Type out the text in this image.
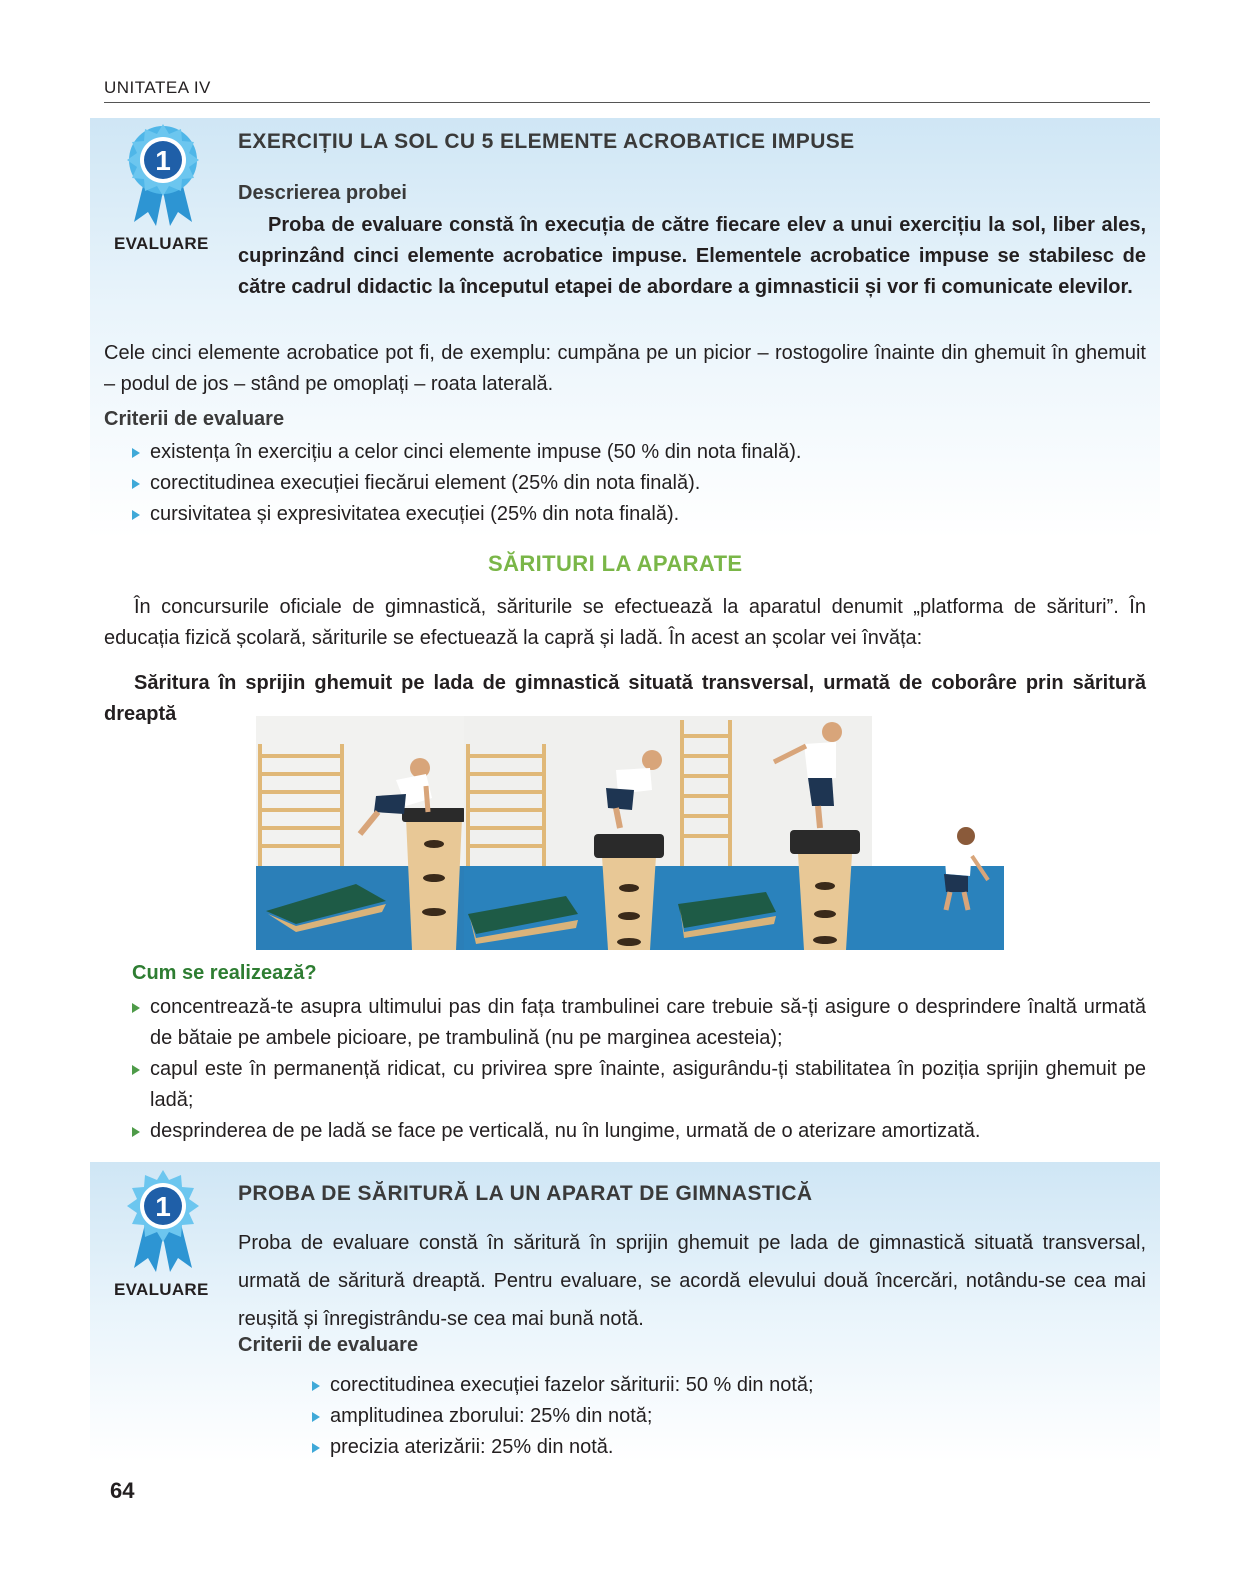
UNITATEA IV
1
EVALUARE
EXERCIȚIU LA SOL CU 5 ELEMENTE ACROBATICE IMPUSE
Descrierea probei
Proba de evaluare constă în execuția de către fiecare elev a unui exercițiu la sol, liber ales, cuprinzând cinci elemente acrobatice impuse. Elementele acrobatice impuse se stabilesc de către cadrul didactic la începutul etapei de abordare a gimnasticii și vor fi comunicate elevilor.
Cele cinci elemente acrobatice pot fi, de exemplu: cumpăna pe un picior – rostogolire înainte din ghemuit în ghemuit – podul de jos – stând pe omoplați – roata laterală.
Criterii de evaluare
existența în exercițiu a celor cinci elemente impuse (50 % din nota finală).
corectitudinea execuției fiecărui element (25% din nota finală).
cursivitatea și expresivitatea execuției (25% din nota finală).
SĂRITURI LA APARATE
În concursurile oficiale de gimnastică, săriturile se efectuează la aparatul denumit „platforma de sărituri”. În educația fizică școlară, săriturile se efectuează la capră și ladă. În acest an școlar vei învăța:
Săritura în sprijin ghemuit pe lada de gimnastică situată transversal, urmată de coborâre prin săritură dreaptă
Cum se realizează?
concentrează-te asupra ultimului pas din fața trambulinei care trebuie să-ți asigure o desprindere înaltă urmată de bătaie pe ambele picioare, pe trambulină (nu pe marginea acesteia);
capul este în permanență ridicat, cu privirea spre înainte, asigurându-ți stabilitatea în poziția sprijin ghemuit pe ladă;
desprinderea de pe ladă se face pe verticală, nu în lungime, urmată de o aterizare amortizată.
1
EVALUARE
PROBA DE SĂRITURĂ LA UN APARAT DE GIMNASTICĂ
Proba de evaluare constă în săritură în sprijin ghemuit pe lada de gimnastică situată transversal, urmată de săritură dreaptă. Pentru evaluare, se acordă elevului două încercări, notându-se cea mai reușită și înregistrându-se cea mai bună notă.
Criterii de evaluare
corectitudinea execuției fazelor săriturii: 50 % din notă;
amplitudinea zborului: 25% din notă;
precizia aterizării: 25% din notă.
64
